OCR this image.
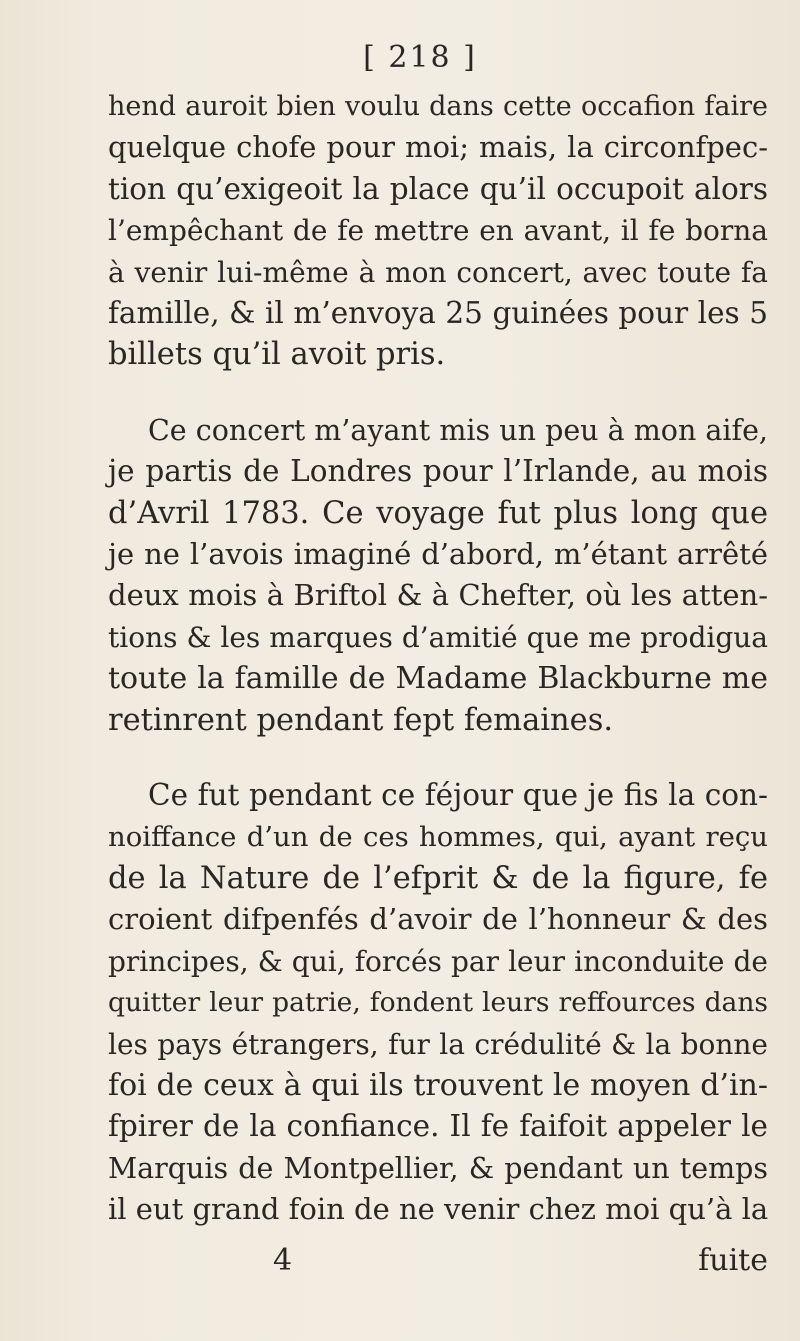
[ 218 ]
hend auroit bien voulu dans cette occafion faire
quelque chofe pour moi; mais, la circonfpec-
tion qu’exigeoit la place qu’il occupoit alors
l’empêchant de fe mettre en avant, il fe borna
à venir lui-même à mon concert, avec toute fa
famille, & il m’envoya 25 guinées pour les 5
billets qu’il avoit pris.
Ce concert m’ayant mis un peu à mon aife,
je partis de Londres pour l’Irlande, au mois
d’Avril 1783. Ce voyage fut plus long que
je ne l’avois imaginé d’abord, m’étant arrêté
deux mois à Briftol & à Chefter, où les atten-
tions & les marques d’amitié que me prodigua
toute la famille de Madame Blackburne me
retinrent pendant fept femaines.
Ce fut pendant ce féjour que je fis la con-
noiffance d’un de ces hommes, qui, ayant reçu
de la Nature de l’efprit & de la figure, fe
croient difpenfés d’avoir de l’honneur & des
principes, & qui, forcés par leur inconduite de
quitter leur patrie, fondent leurs reffources dans
les pays étrangers, fur la crédulité & la bonne
foi de ceux à qui ils trouvent le moyen d’in-
fpirer de la confiance. Il fe faifoit appeler le
Marquis de Montpellier, & pendant un temps
il eut grand foin de ne venir chez moi qu’à la
4	fuite
